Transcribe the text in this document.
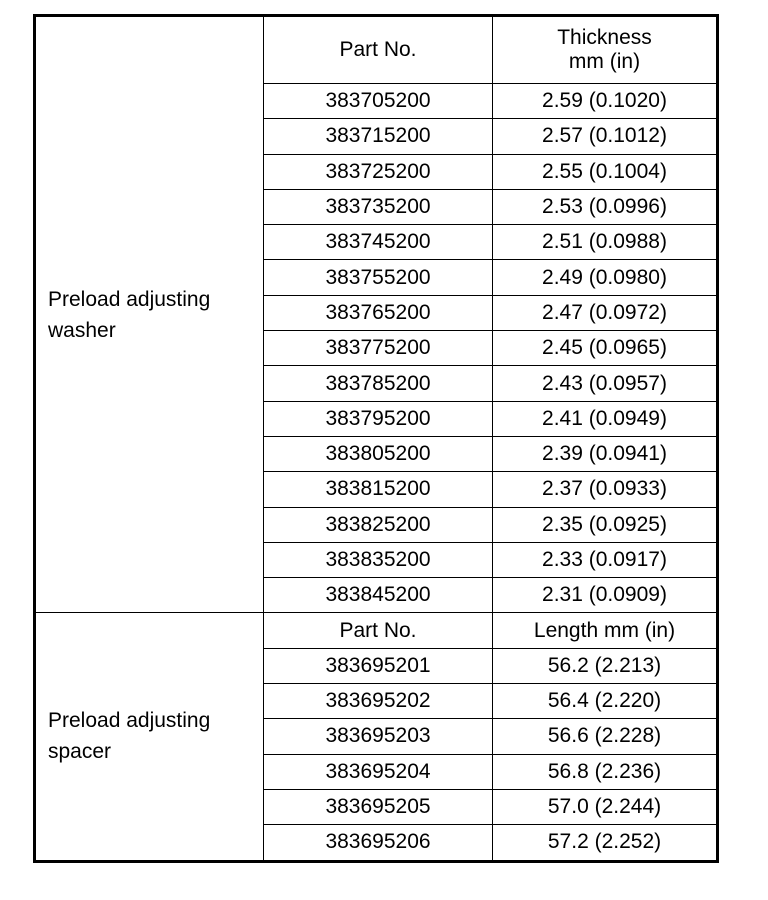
Preload adjusting
washer	Part No.	Thickness
mm (in)
	383705200	2.59 (0.1020)
	383715200	2.57 (0.1012)
	383725200	2.55 (0.1004)
	383735200	2.53 (0.0996)
	383745200	2.51 (0.0988)
	383755200	2.49 (0.0980)
	383765200	2.47 (0.0972)
	383775200	2.45 (0.0965)
	383785200	2.43 (0.0957)
	383795200	2.41 (0.0949)
	383805200	2.39 (0.0941)
	383815200	2.37 (0.0933)
	383825200	2.35 (0.0925)
	383835200	2.33 (0.0917)
	383845200	2.31 (0.0909)
Preload adjusting
spacer	Part No.	Length mm (in)
	383695201	56.2 (2.213)
	383695202	56.4 (2.220)
	383695203	56.6 (2.228)
	383695204	56.8 (2.236)
	383695205	57.0 (2.244)
	383695206	57.2 (2.252)
